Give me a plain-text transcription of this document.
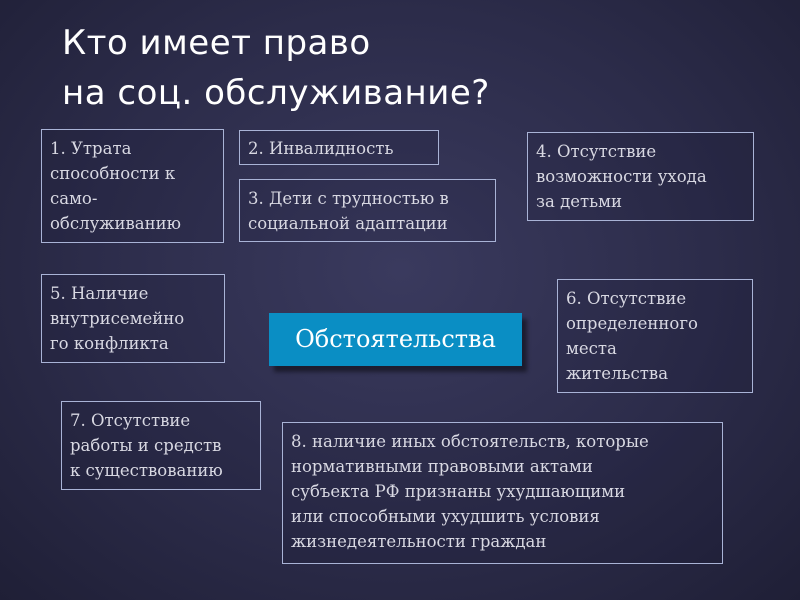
Кто имеет право
на соц. обслуживание?
1. Утрата
способности к
само-
обслуживанию
2. Инвалидность
3. Дети с трудностью в
социальной адаптации
4. Отсутствие
возможности ухода
за детьми
5. Наличие
внутрисемейно
го конфликта
6. Отсутствие
определенного
места
жительства
7. Отсутствие
работы и средств
к существованию
8. наличие иных обстоятельств, которые
нормативными правовыми актами
субъекта РФ признаны ухудшающими
или способными ухудшить условия
жизнедеятельности граждан
Обстоятельства
